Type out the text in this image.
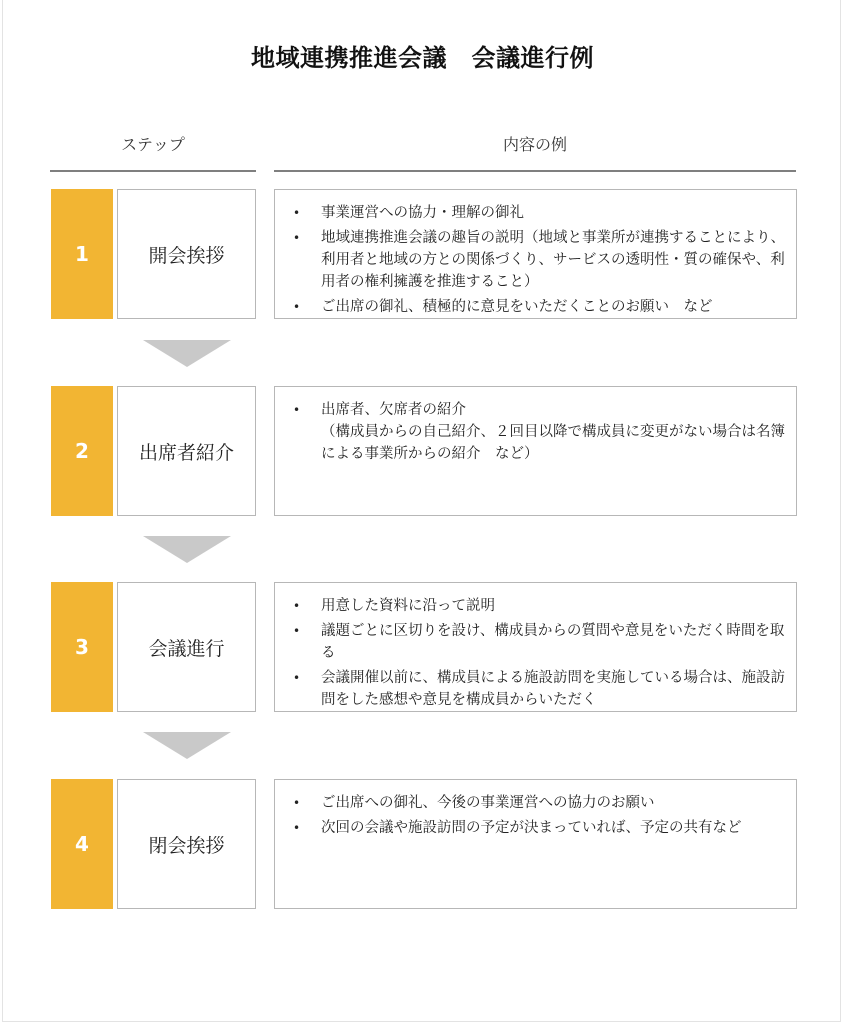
地域連携推進会議　会議進行例
ステップ	内容の例
1	開会挨拶
• 事業運営への協力・理解の御礼
• 地域連携推進会議の趣旨の説明（地域と事業所が連携することにより、利用者と地域の方との関係づくり、サービスの透明性・質の確保や、利用者の権利擁護を推進すること）
• ご出席の御礼、積極的に意見をいただくことのお願い　など
2	出席者紹介
• 出席者、欠席者の紹介
（構成員からの自己紹介、２回目以降で構成員に変更がない場合は名簿による事業所からの紹介　など）
3	会議進行
• 用意した資料に沿って説明
• 議題ごとに区切りを設け、構成員からの質問や意見をいただく時間を取る
• 会議開催以前に、構成員による施設訪問を実施している場合は、施設訪問をした感想や意見を構成員からいただく
4	閉会挨拶
• ご出席への御礼、今後の事業運営への協力のお願い
• 次回の会議や施設訪問の予定が決まっていれば、予定の共有など
